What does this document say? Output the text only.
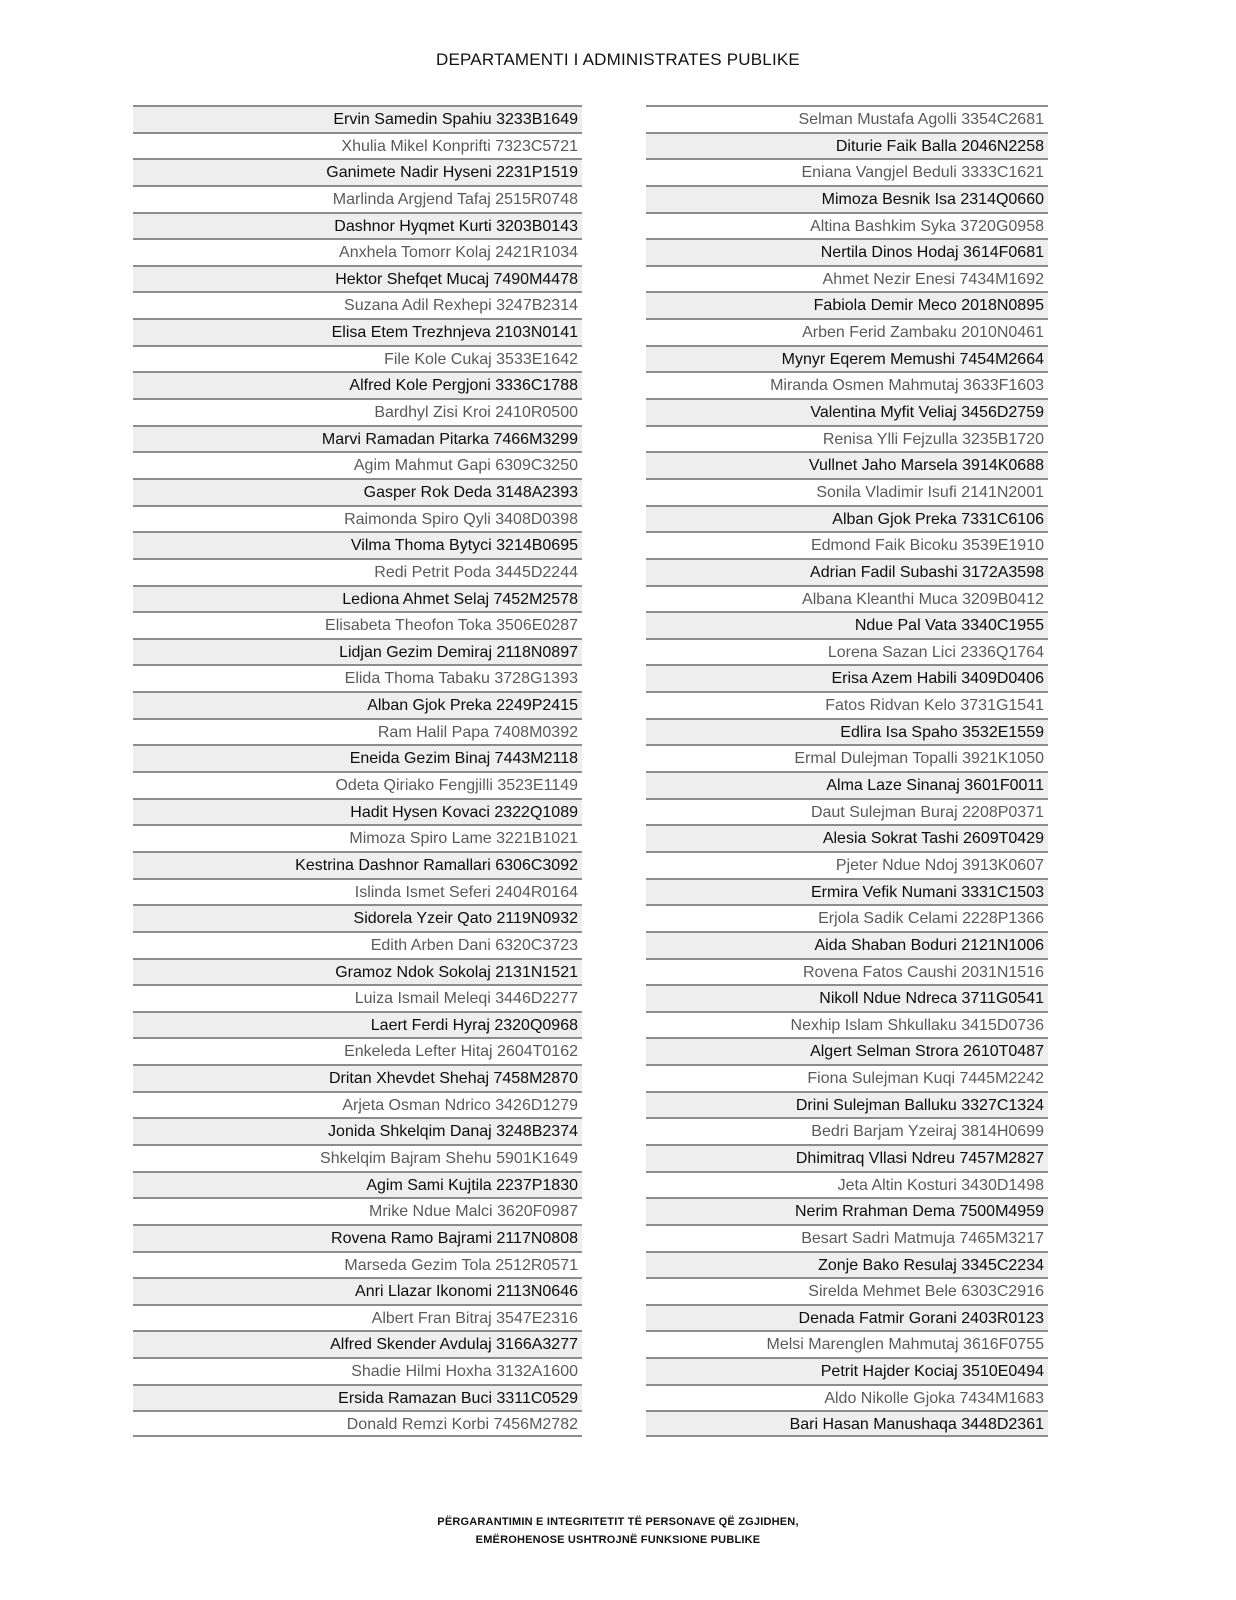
DEPARTAMENTI I ADMINISTRATES PUBLIKE
Ervin Samedin Spahiu 3233B1649
Xhulia Mikel Konprifti 7323C5721
Ganimete Nadir Hyseni 2231P1519
Marlinda Argjend Tafaj 2515R0748
Dashnor Hyqmet Kurti 3203B0143
Anxhela Tomorr Kolaj 2421R1034
Hektor Shefqet Mucaj 7490M4478
Suzana Adil Rexhepi 3247B2314
Elisa Etem Trezhnjeva 2103N0141
File Kole Cukaj 3533E1642
Alfred Kole Pergjoni 3336C1788
Bardhyl Zisi Kroi 2410R0500
Marvi Ramadan Pitarka 7466M3299
Agim Mahmut Gapi 6309C3250
Gasper Rok Deda 3148A2393
Raimonda Spiro Qyli 3408D0398
Vilma Thoma Bytyci 3214B0695
Redi Petrit Poda 3445D2244
Lediona Ahmet Selaj 7452M2578
Elisabeta Theofon Toka 3506E0287
Lidjan Gezim Demiraj 2118N0897
Elida Thoma Tabaku 3728G1393
Alban Gjok Preka 2249P2415
Ram Halil Papa 7408M0392
Eneida Gezim Binaj 7443M2118
Odeta Qiriako Fengjilli 3523E1149
Hadit Hysen Kovaci 2322Q1089
Mimoza Spiro Lame 3221B1021
Kestrina Dashnor Ramallari 6306C3092
Islinda Ismet Seferi 2404R0164
Sidorela Yzeir Qato 2119N0932
Edith Arben Dani 6320C3723
Gramoz Ndok Sokolaj 2131N1521
Luiza Ismail Meleqi 3446D2277
Laert Ferdi Hyraj 2320Q0968
Enkeleda Lefter Hitaj 2604T0162
Dritan Xhevdet Shehaj 7458M2870
Arjeta Osman Ndrico 3426D1279
Jonida Shkelqim Danaj 3248B2374
Shkelqim Bajram Shehu 5901K1649
Agim Sami Kujtila 2237P1830
Mrike Ndue Malci 3620F0987
Rovena Ramo Bajrami 2117N0808
Marseda Gezim Tola 2512R0571
Anri Llazar Ikonomi 2113N0646
Albert Fran Bitraj 3547E2316
Alfred Skender Avdulaj 3166A3277
Shadie Hilmi Hoxha 3132A1600
Ersida Ramazan Buci 3311C0529
Donald Remzi Korbi 7456M2782
Selman Mustafa Agolli 3354C2681
Diturie Faik Balla 2046N2258
Eniana Vangjel Beduli 3333C1621
Mimoza Besnik Isa 2314Q0660
Altina Bashkim Syka 3720G0958
Nertila Dinos Hodaj 3614F0681
Ahmet Nezir Enesi 7434M1692
Fabiola Demir Meco 2018N0895
Arben Ferid Zambaku 2010N0461
Mynyr Eqerem Memushi 7454M2664
Miranda Osmen Mahmutaj 3633F1603
Valentina Myfit Veliaj 3456D2759
Renisa Ylli Fejzulla 3235B1720
Vullnet Jaho Marsela 3914K0688
Sonila Vladimir Isufi 2141N2001
Alban Gjok Preka 7331C6106
Edmond Faik Bicoku 3539E1910
Adrian Fadil Subashi 3172A3598
Albana Kleanthi Muca 3209B0412
Ndue Pal Vata 3340C1955
Lorena Sazan Lici 2336Q1764
Erisa Azem Habili 3409D0406
Fatos Ridvan Kelo 3731G1541
Edlira Isa Spaho 3532E1559
Ermal Dulejman Topalli 3921K1050
Alma Laze Sinanaj 3601F0011
Daut Sulejman Buraj 2208P0371
Alesia Sokrat Tashi 2609T0429
Pjeter Ndue Ndoj 3913K0607
Ermira Vefik Numani 3331C1503
Erjola Sadik Celami 2228P1366
Aida Shaban Boduri 2121N1006
Rovena Fatos Caushi 2031N1516
Nikoll Ndue Ndreca 3711G0541
Nexhip Islam Shkullaku 3415D0736
Algert Selman Strora 2610T0487
Fiona Sulejman Kuqi 7445M2242
Drini Sulejman Balluku 3327C1324
Bedri Barjam Yzeiraj 3814H0699
Dhimitraq Vllasi Ndreu 7457M2827
Jeta Altin Kosturi 3430D1498
Nerim Rrahman Dema 7500M4959
Besart Sadri Matmuja 7465M3217
Zonje Bako Resulaj 3345C2234
Sirelda Mehmet Bele 6303C2916
Denada Fatmir Gorani 2403R0123
Melsi Marenglen Mahmutaj 3616F0755
Petrit Hajder Kociaj 3510E0494
Aldo Nikolle Gjoka 7434M1683
Bari Hasan Manushaqa 3448D2361
PËRGARANTIMIN E INTEGRITETIT TË PERSONAVE QË ZGJIDHEN,
EMËROHENOSE USHTROJNË FUNKSIONE PUBLIKE
